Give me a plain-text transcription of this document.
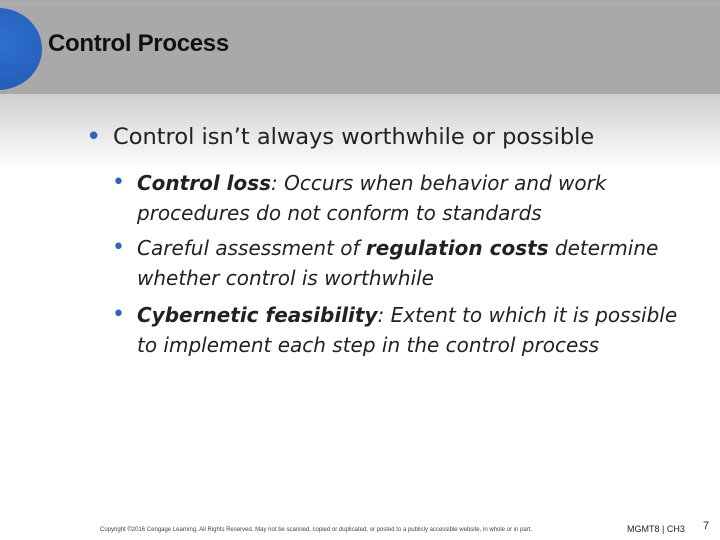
Control Process
• Control isn’t always worthwhile or possible
• Control loss: Occurs when behavior and work procedures do not conform to standards
• Careful assessment of regulation costs determine whether control is worthwhile
• Cybernetic feasibility: Extent to which it is possible to implement each step in the control process
Copyright ©2016 Cengage Learning. All Rights Reserved. May not be scanned, copied or duplicated, or posted to a publicly accessible website, in whole or in part.	MGMT8 | CH3 7
